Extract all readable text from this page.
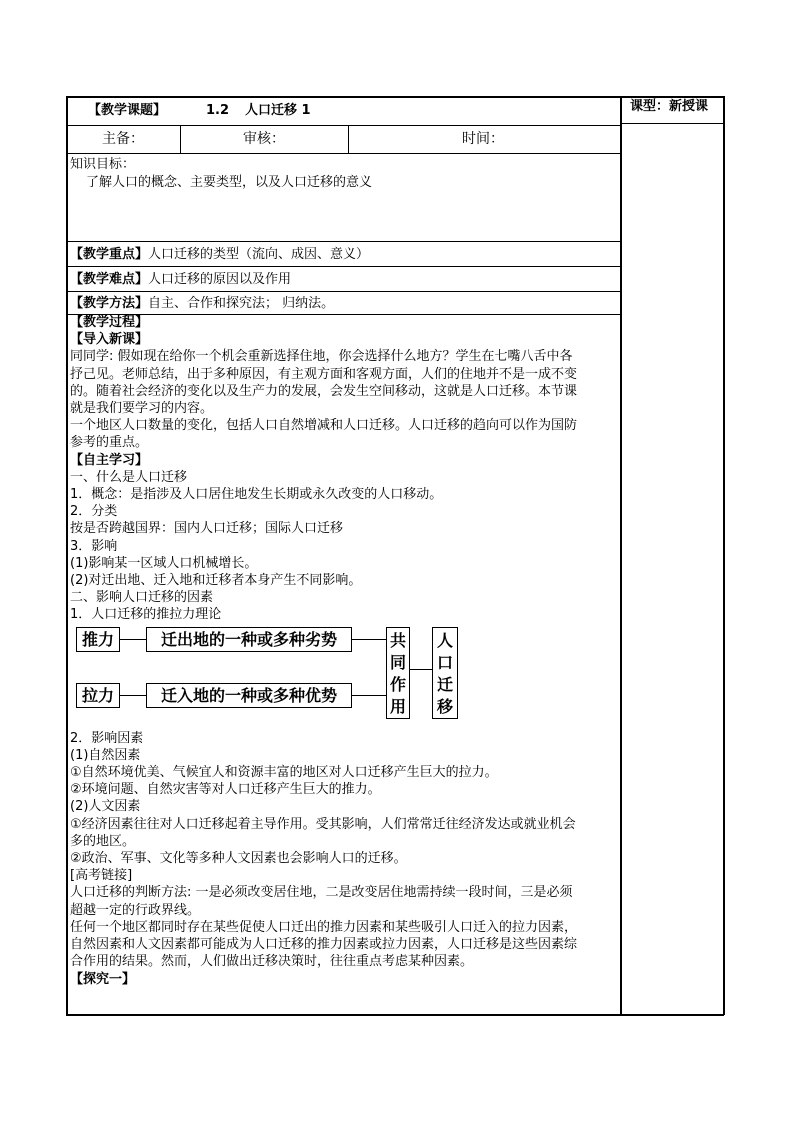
【教学课题】	1.2 人口迁移 1	课型：新授课
主备：	审核：	时间：
知识目标：
了解人口的概念、主要类型，以及人口迁移的意义
【教学重点】人口迁移的类型（流向、成因、意义）
【教学难点】人口迁移的原因以及作用
【教学方法】自主、合作和探究法； 归纳法。

【教学过程】

【导入新课】

同同学: 假如现在给你一个机会重新选择住地，你会选择什么地方？学生在七嘴八舌中各

抒己见。老师总结，出于多种原因，有主观方面和客观方面，人们的住地并不是一成不变

的。随着社会经济的变化以及生产力的发展，会发生空间移动，这就是人口迁移。本节课

就是我们要学习的内容。

一个地区人口数量的变化，包括人口自然增减和人口迁移。人口迁移的趋向可以作为国防

参考的重点。

【自主学习】

一、什么是人口迁移

1．概念：是指涉及人口居住地发生长期或永久改变的人口移动。

2．分类

按是否跨越国界：国内人口迁移；国际人口迁移

3．影响

(1)影响某一区域人口机械增长。

(2)对迁出地、迁入地和迁移者本身产生不同影响。

二、影响人口迁移的因素

1．人口迁移的推拉力理论

推力	迁出地的一种或多种劣势
拉力	迁入地的一种或多种优势
共
同
作
用
人
口
迁
移

2．影响因素

(1)自然因素

①自然环境优美、气候宜人和资源丰富的地区对人口迁移产生巨大的拉力。

②环境问题、自然灾害等对人口迁移产生巨大的推力。

(2)人文因素

①经济因素往往对人口迁移起着主导作用。受其影响，人们常常迁往经济发达或就业机会

多的地区。

②政治、军事、文化等多种人文因素也会影响人口的迁移。

[高考链接]

人口迁移的判断方法: 一是必须改变居住地，二是改变居住地需持续一段时间，三是必须

超越一定的行政界线。

任何一个地区都同时存在某些促使人口迁出的推力因素和某些吸引人口迁入的拉力因素，

自然因素和人文因素都可能成为人口迁移的推力因素或拉力因素，人口迁移是这些因素综

合作用的结果。然而，人们做出迁移决策时，往往重点考虑某种因素。

【探究一】
